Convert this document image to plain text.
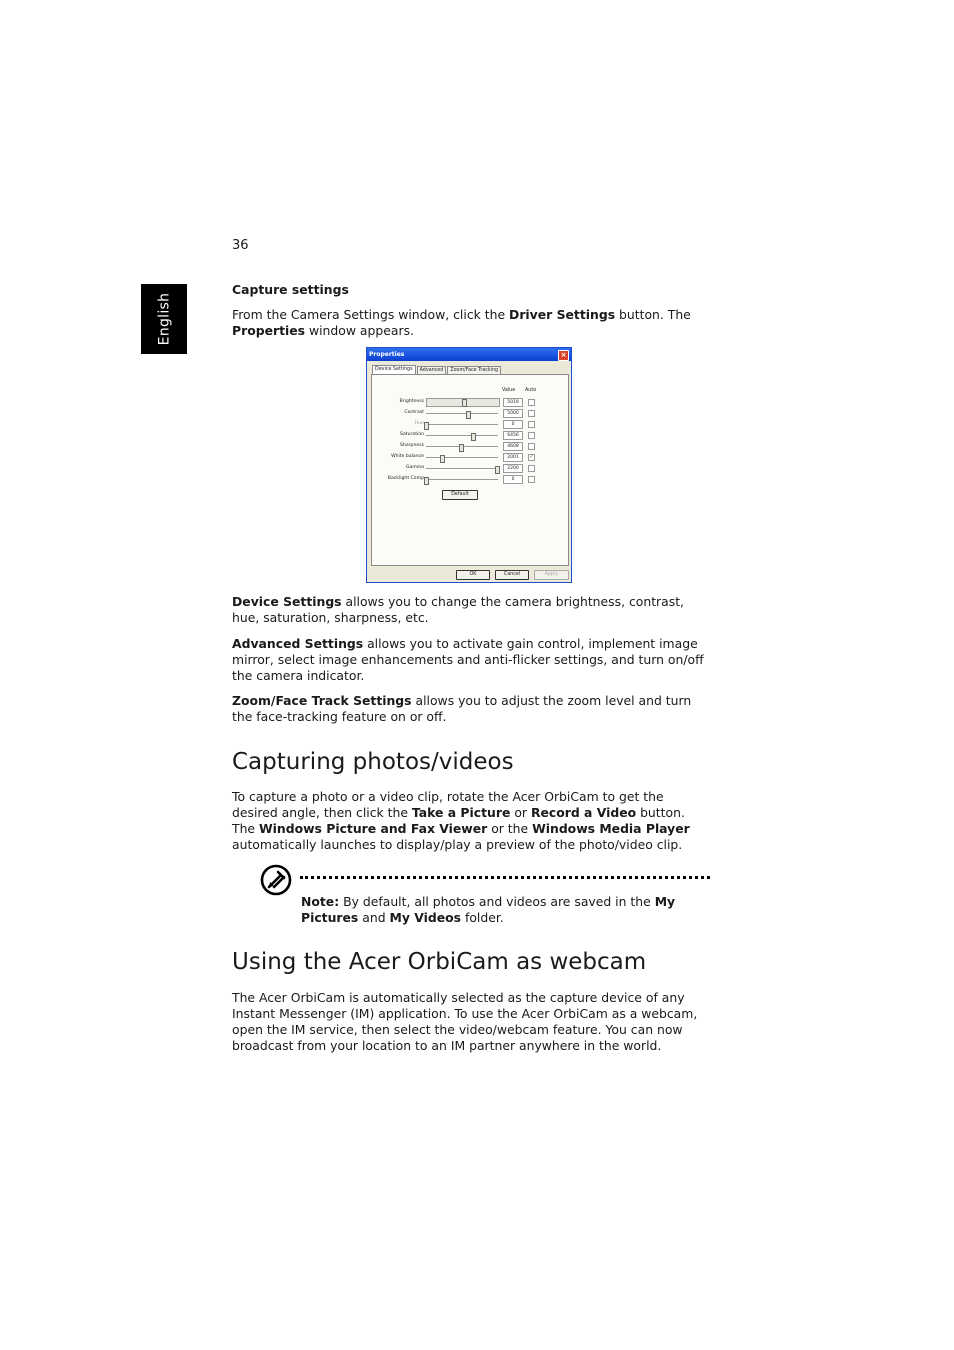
36
English

Capture settings

From the Camera Settings window, click the Driver Settings button. The Properties window appears.

Properties	×
Device Settings	Advanced	Zoom/Face Tracking
Value Auto
Brightness	5019
Contrast	5000
Hue	0
Saturation	6456
Sharpness	4608
White balance	2001	✓
Gamma	2200
Backlight Comp	0
Default
OK	Cancel	Apply

Device Settings allows you to change the camera brightness, contrast, hue, saturation, sharpness, etc.

Advanced Settings allows you to activate gain control, implement image mirror, select image enhancements and anti-flicker settings, and turn on/off the camera indicator.

Zoom/Face Track Settings allows you to adjust the zoom level and turn the face-tracking feature on or off.

Capturing photos/videos

To capture a photo or a video clip, rotate the Acer OrbiCam to get the desired angle, then click the Take a Picture or Record a Video button. The Windows Picture and Fax Viewer or the Windows Media Player automatically launches to display/play a preview of the photo/video clip.

Note: By default, all photos and videos are saved in the My Pictures and My Videos folder.

Using the Acer OrbiCam as webcam

The Acer OrbiCam is automatically selected as the capture device of any Instant Messenger (IM) application. To use the Acer OrbiCam as a webcam, open the IM service, then select the video/webcam feature. You can now broadcast from your location to an IM partner anywhere in the world.
